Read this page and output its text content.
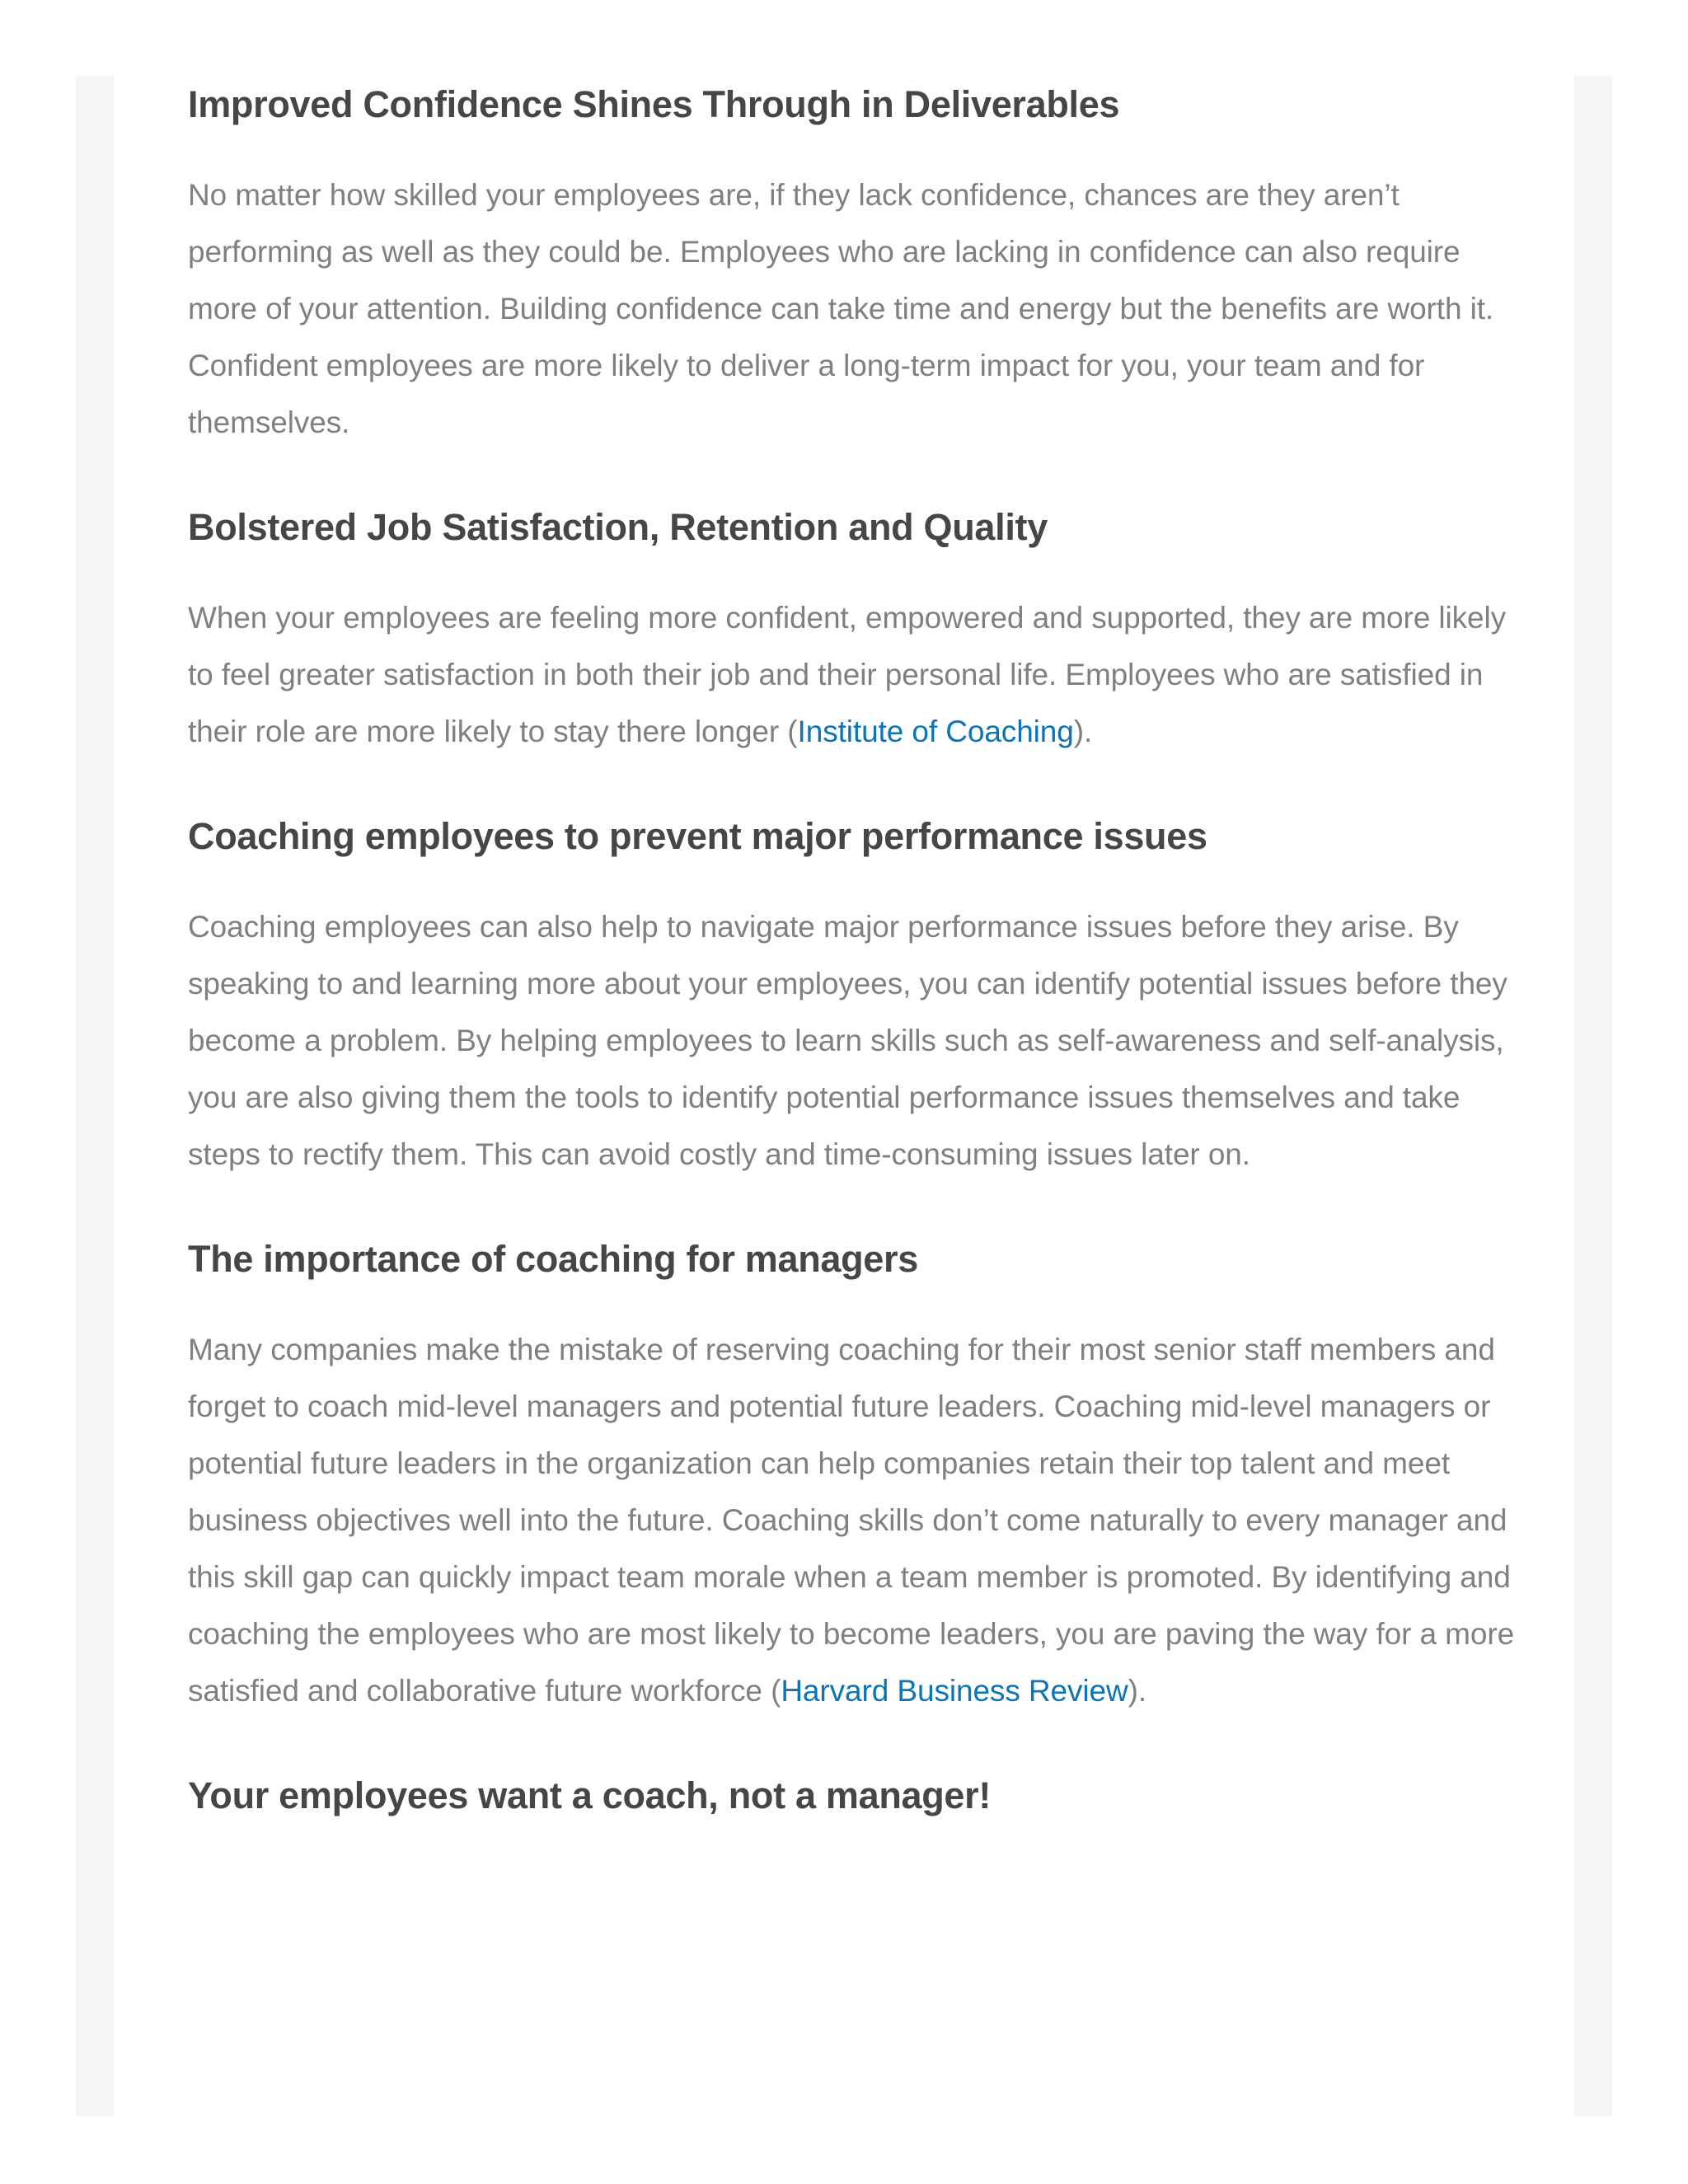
Improved Confidence Shines Through in Deliverables

No matter how skilled your employees are, if they lack confidence, chances are they aren’t performing as well as they could be. Employees who are lacking in confidence can also require more of your attention. Building confidence can take time and energy but the benefits are worth it. Confident employees are more likely to deliver a long-term impact for you, your team and for themselves.

Bolstered Job Satisfaction, Retention and Quality

When your employees are feeling more confident, empowered and supported, they are more likely to feel greater satisfaction in both their job and their personal life. Employees who are satisfied in their role are more likely to stay there longer (Institute of Coaching).

Coaching employees to prevent major performance issues

Coaching employees can also help to navigate major performance issues before they arise. By speaking to and learning more about your employees, you can identify potential issues before they become a problem. By helping employees to learn skills such as self-awareness and self-analysis, you are also giving them the tools to identify potential performance issues themselves and take steps to rectify them. This can avoid costly and time-consuming issues later on.

The importance of coaching for managers

Many companies make the mistake of reserving coaching for their most senior staff members and forget to coach mid-level managers and potential future leaders. Coaching mid-level managers or potential future leaders in the organization can help companies retain their top talent and meet business objectives well into the future. Coaching skills don’t come naturally to every manager and this skill gap can quickly impact team morale when a team member is promoted. By identifying and coaching the employees who are most likely to become leaders, you are paving the way for a more satisfied and collaborative future workforce (Harvard Business Review).

Your employees want a coach, not a manager!
